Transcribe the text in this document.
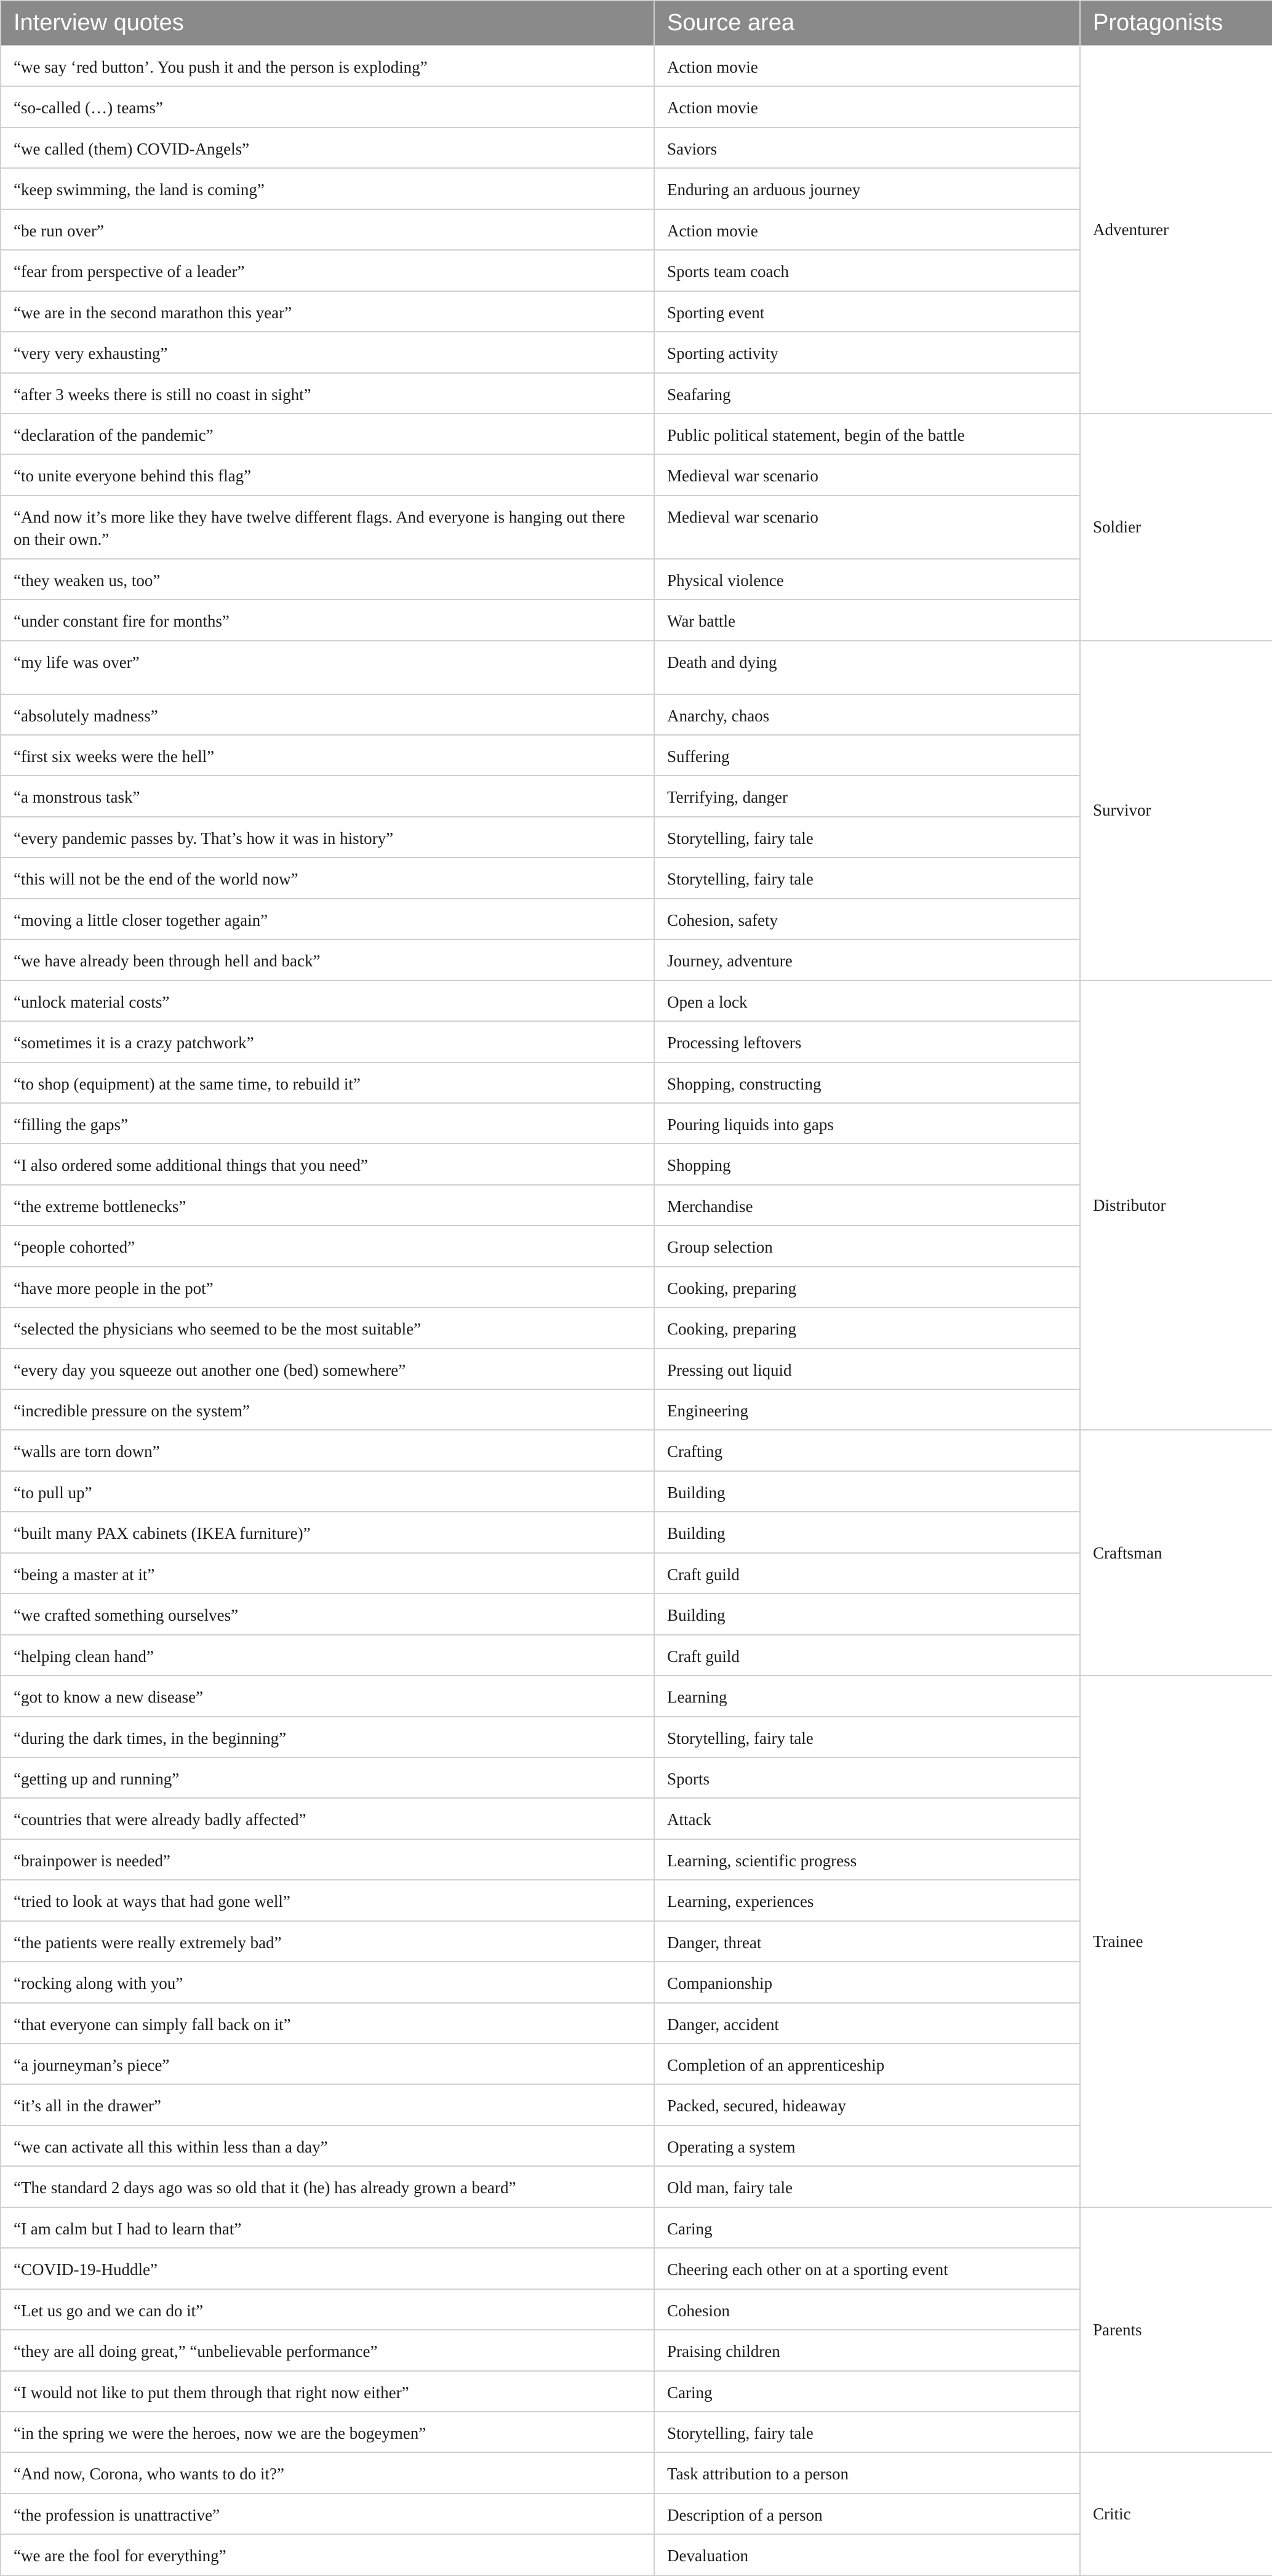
Interview quotes	Source area	Protagonists
“we say ‘red button’. You push it and the person is exploding”	Action movie	Adventurer
“so-called (…) teams”	Action movie	
“we called (them) COVID-Angels”	Saviors	
“keep swimming, the land is coming”	Enduring an arduous journey	
“be run over”	Action movie	
“fear from perspective of a leader”	Sports team coach	
“we are in the second marathon this year”	Sporting event	
“very very exhausting”	Sporting activity	
“after 3 weeks there is still no coast in sight”	Seafaring	
“declaration of the pandemic”	Public political statement, begin of the battle	Soldier
“to unite everyone behind this flag”	Medieval war scenario	
“And now it’s more like they have twelve different flags. And everyone is hanging out there on their own.”	Medieval war scenario	
“they weaken us, too”	Physical violence	
“under constant fire for months”	War battle	
“my life was over”	Death and dying	Survivor
“absolutely madness”	Anarchy, chaos	
“first six weeks were the hell”	Suffering	
“a monstrous task”	Terrifying, danger	
“every pandemic passes by. That’s how it was in history”	Storytelling, fairy tale	
“this will not be the end of the world now”	Storytelling, fairy tale	
“moving a little closer together again”	Cohesion, safety	
“we have already been through hell and back”	Journey, adventure	
“unlock material costs”	Open a lock	Distributor
“sometimes it is a crazy patchwork”	Processing leftovers	
“to shop (equipment) at the same time, to rebuild it”	Shopping, constructing	
“filling the gaps”	Pouring liquids into gaps	
“I also ordered some additional things that you need”	Shopping	
“the extreme bottlenecks”	Merchandise	
“people cohorted”	Group selection	
“have more people in the pot”	Cooking, preparing	
“selected the physicians who seemed to be the most suitable”	Cooking, preparing	
“every day you squeeze out another one (bed) somewhere”	Pressing out liquid	
“incredible pressure on the system”	Engineering	
“walls are torn down”	Crafting	Craftsman
“to pull up”	Building	
“built many PAX cabinets (IKEA furniture)”	Building	
“being a master at it”	Craft guild	
“we crafted something ourselves”	Building	
“helping clean hand”	Craft guild	
“got to know a new disease”	Learning	Trainee
“during the dark times, in the beginning”	Storytelling, fairy tale	
“getting up and running”	Sports	
“countries that were already badly affected”	Attack	
“brainpower is needed”	Learning, scientific progress	
“tried to look at ways that had gone well”	Learning, experiences	
“the patients were really extremely bad”	Danger, threat	
“rocking along with you”	Companionship	
“that everyone can simply fall back on it”	Danger, accident	
“a journeyman’s piece”	Completion of an apprenticeship	
“it’s all in the drawer”	Packed, secured, hideaway	
“we can activate all this within less than a day”	Operating a system	
“The standard 2 days ago was so old that it (he) has already grown a beard”	Old man, fairy tale	
“I am calm but I had to learn that”	Caring	Parents
“COVID-19-Huddle”	Cheering each other on at a sporting event	
“Let us go and we can do it”	Cohesion	
“they are all doing great,” “unbelievable performance”	Praising children	
“I would not like to put them through that right now either”	Caring	
“in the spring we were the heroes, now we are the bogeymen”	Storytelling, fairy tale	
“And now, Corona, who wants to do it?”	Task attribution to a person	Critic
“the profession is unattractive”	Description of a person	
“we are the fool for everything”	Devaluation	
